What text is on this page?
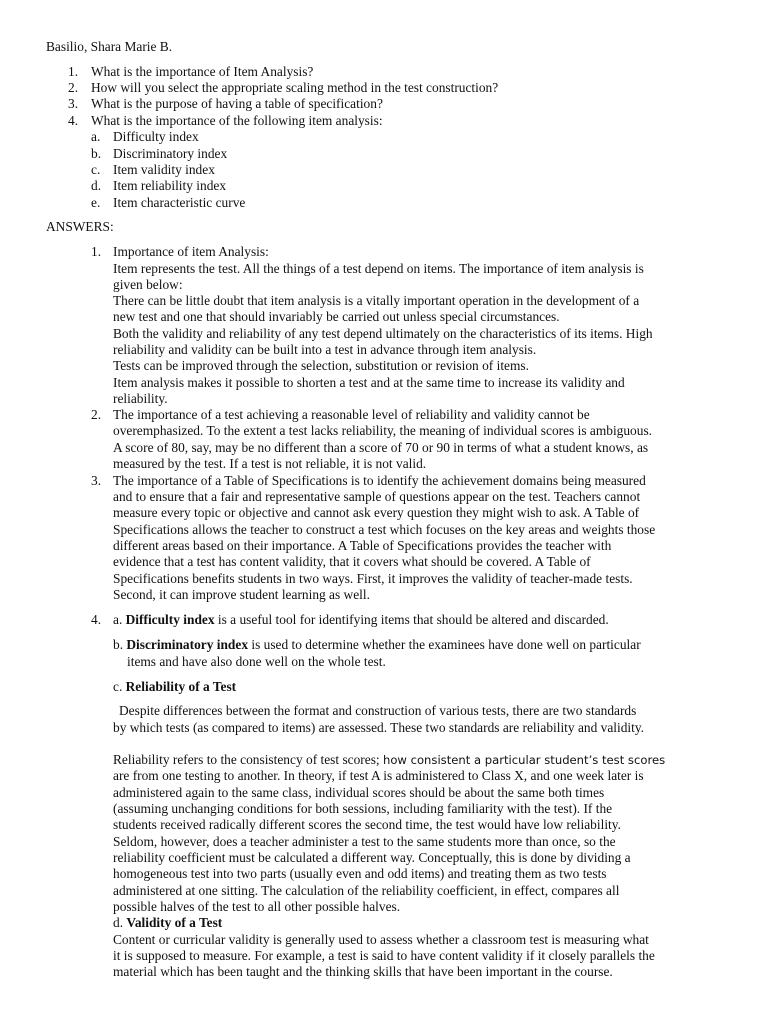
Basilio, Shara Marie B.
1. What is the importance of Item Analysis?
2. How will you select the appropriate scaling method in the test construction?
3. What is the purpose of having a table of specification?
4. What is the importance of the following item analysis:
a. Difficulty index
b. Discriminatory index
c. Item validity index
d. Item reliability index
e. Item characteristic curve
ANSWERS:
1. Importance of item Analysis:
Item represents the test. All the things of a test depend on items. The importance of item analysis is
given below:
There can be little doubt that item analysis is a vitally important operation in the development of a
new test and one that should invariably be carried out unless special circumstances.
Both the validity and reliability of any test depend ultimately on the characteristics of its items. High
reliability and validity can be built into a test in advance through item analysis.
Tests can be improved through the selection, substitution or revision of items.
Item analysis makes it possible to shorten a test and at the same time to increase its validity and
reliability.
2. The importance of a test achieving a reasonable level of reliability and validity cannot be
overemphasized. To the extent a test lacks reliability, the meaning of individual scores is ambiguous.
A score of 80, say, may be no different than a score of 70 or 90 in terms of what a student knows, as
measured by the test. If a test is not reliable, it is not valid.
3. The importance of a Table of Specifications is to identify the achievement domains being measured
and to ensure that a fair and representative sample of questions appear on the test. Teachers cannot
measure every topic or objective and cannot ask every question they might wish to ask. A Table of
Specifications allows the teacher to construct a test which focuses on the key areas and weights those
different areas based on their importance. A Table of Specifications provides the teacher with
evidence that a test has content validity, that it covers what should be covered. A Table of
Specifications benefits students in two ways. First, it improves the validity of teacher-made tests.
Second, it can improve student learning as well.
4. a. Difficulty index is a useful tool for identifying items that should be altered and discarded.
b. Discriminatory index is used to determine whether the examinees have done well on particular
items and have also done well on the whole test.
c. Reliability of a Test
Despite differences between the format and construction of various tests, there are two standards
by which tests (as compared to items) are assessed. These two standards are reliability and validity.
Reliability refers to the consistency of test scores; how consistent a particular student’s test scores
are from one testing to another. In theory, if test A is administered to Class X, and one week later is
administered again to the same class, individual scores should be about the same both times
(assuming unchanging conditions for both sessions, including familiarity with the test). If the
students received radically different scores the second time, the test would have low reliability.
Seldom, however, does a teacher administer a test to the same students more than once, so the
reliability coefficient must be calculated a different way. Conceptually, this is done by dividing a
homogeneous test into two parts (usually even and odd items) and treating them as two tests
administered at one sitting. The calculation of the reliability coefficient, in effect, compares all
possible halves of the test to all other possible halves.
d. Validity of a Test
Content or curricular validity is generally used to assess whether a classroom test is measuring what
it is supposed to measure. For example, a test is said to have content validity if it closely parallels the
material which has been taught and the thinking skills that have been important in the course.
